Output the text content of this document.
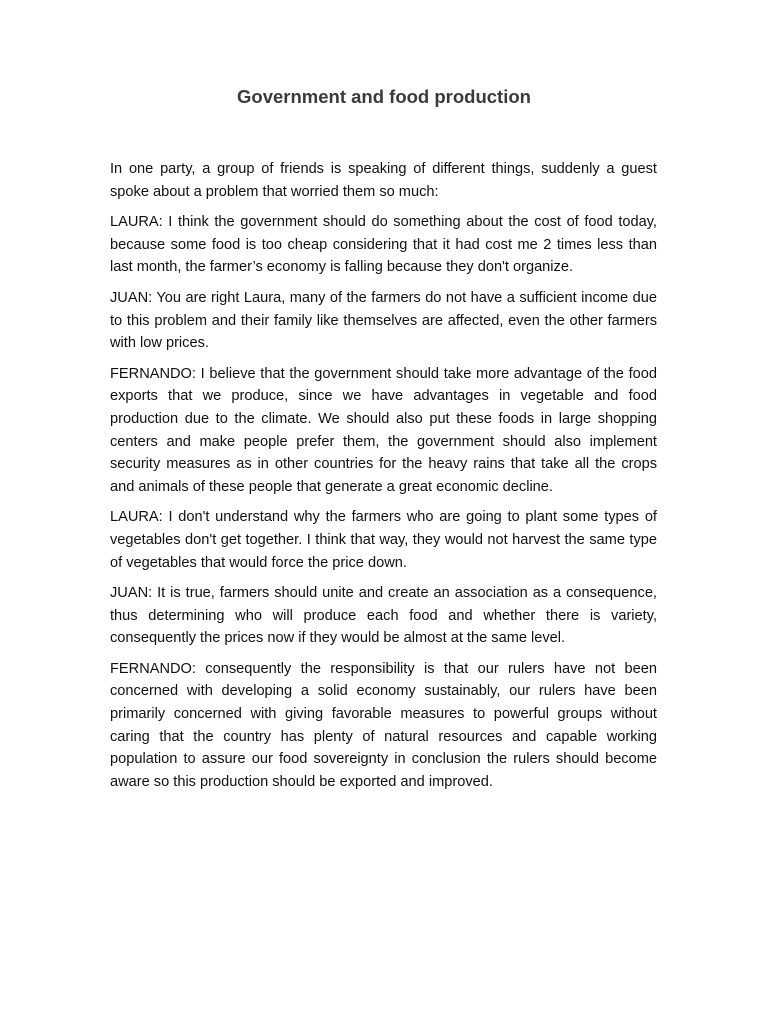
Government and food production

In one party, a group of friends is speaking of different things, suddenly a guest spoke about a problem that worried them so much:

LAURA: I think the government should do something about the cost of food today, because some food is too cheap considering that it had cost me 2 times less than last month, the farmer’s economy is falling because they don't organize.

JUAN: You are right Laura, many of the farmers do not have a sufficient income due to this problem and their family like themselves are affected, even the other farmers with low prices.

FERNANDO: I believe that the government should take more advantage of the food exports that we produce, since we have advantages in vegetable and food production due to the climate. We should also put these foods in large shopping centers and make people prefer them, the government should also implement security measures as in other countries for the heavy rains that take all the crops and animals of these people that generate a great economic decline.

LAURA: I don't understand why the farmers who are going to plant some types of vegetables don't get together. I think that way, they would not harvest the same type of vegetables that would force the price down.

JUAN: It is true, farmers should unite and create an association as a consequence, thus determining who will produce each food and whether there is variety, consequently the prices now if they would be almost at the same level.

FERNANDO: consequently the responsibility is that our rulers have not been concerned with developing a solid economy sustainably, our rulers have been primarily concerned with giving favorable measures to powerful groups without caring that the country has plenty of natural resources and capable working population to assure our food sovereignty in conclusion the rulers should become aware so this production should be exported and improved.
